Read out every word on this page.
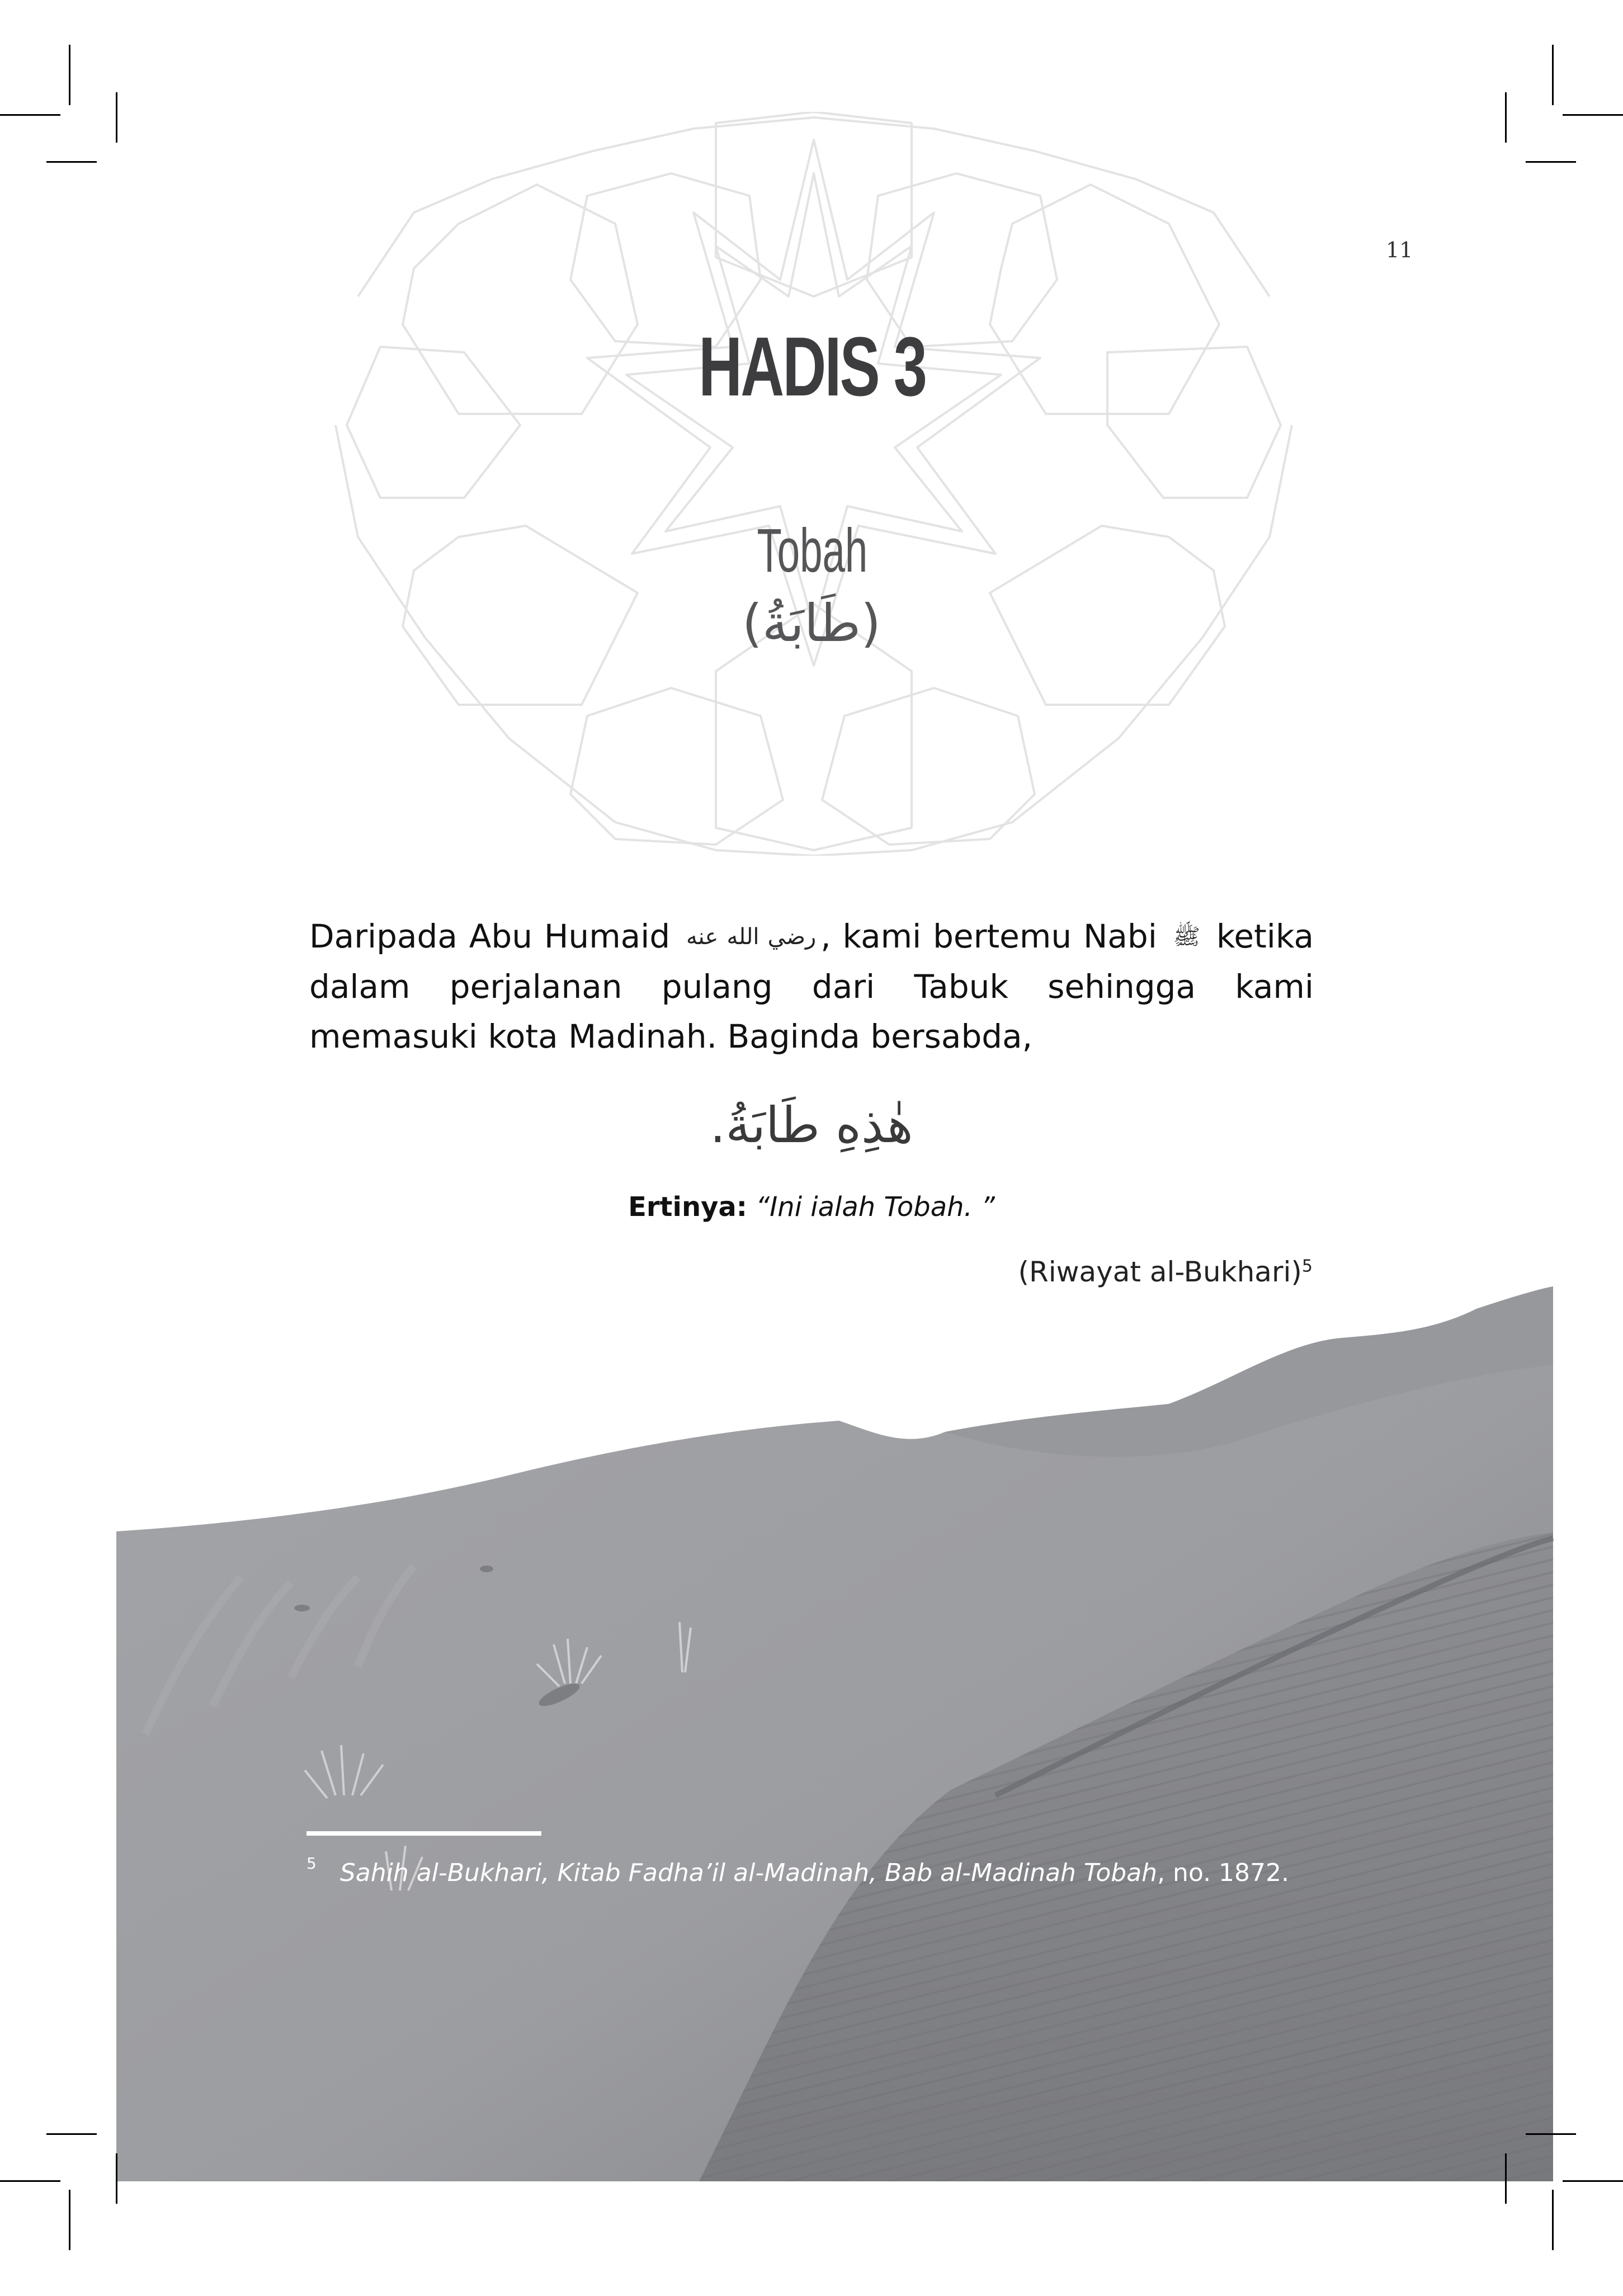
11
HADIS 3
Tobah
(طَابَةُ)
Daripada Abu Humaid رضي الله عنه , kami bertemu Nabi ﷺ ketika dalam perjalanan pulang dari Tabuk sehingga kami memasuki kota Madinah. Baginda bersabda,
هٰذِهِ طَابَةُ.
Ertinya: “Ini ialah Tobah. ”
(Riwayat al-Bukhari)$^5$
$^5$ Sahih al-Bukhari, Kitab Fadha’il al-Madinah, Bab al-Madinah Tobah, no. 1872.
